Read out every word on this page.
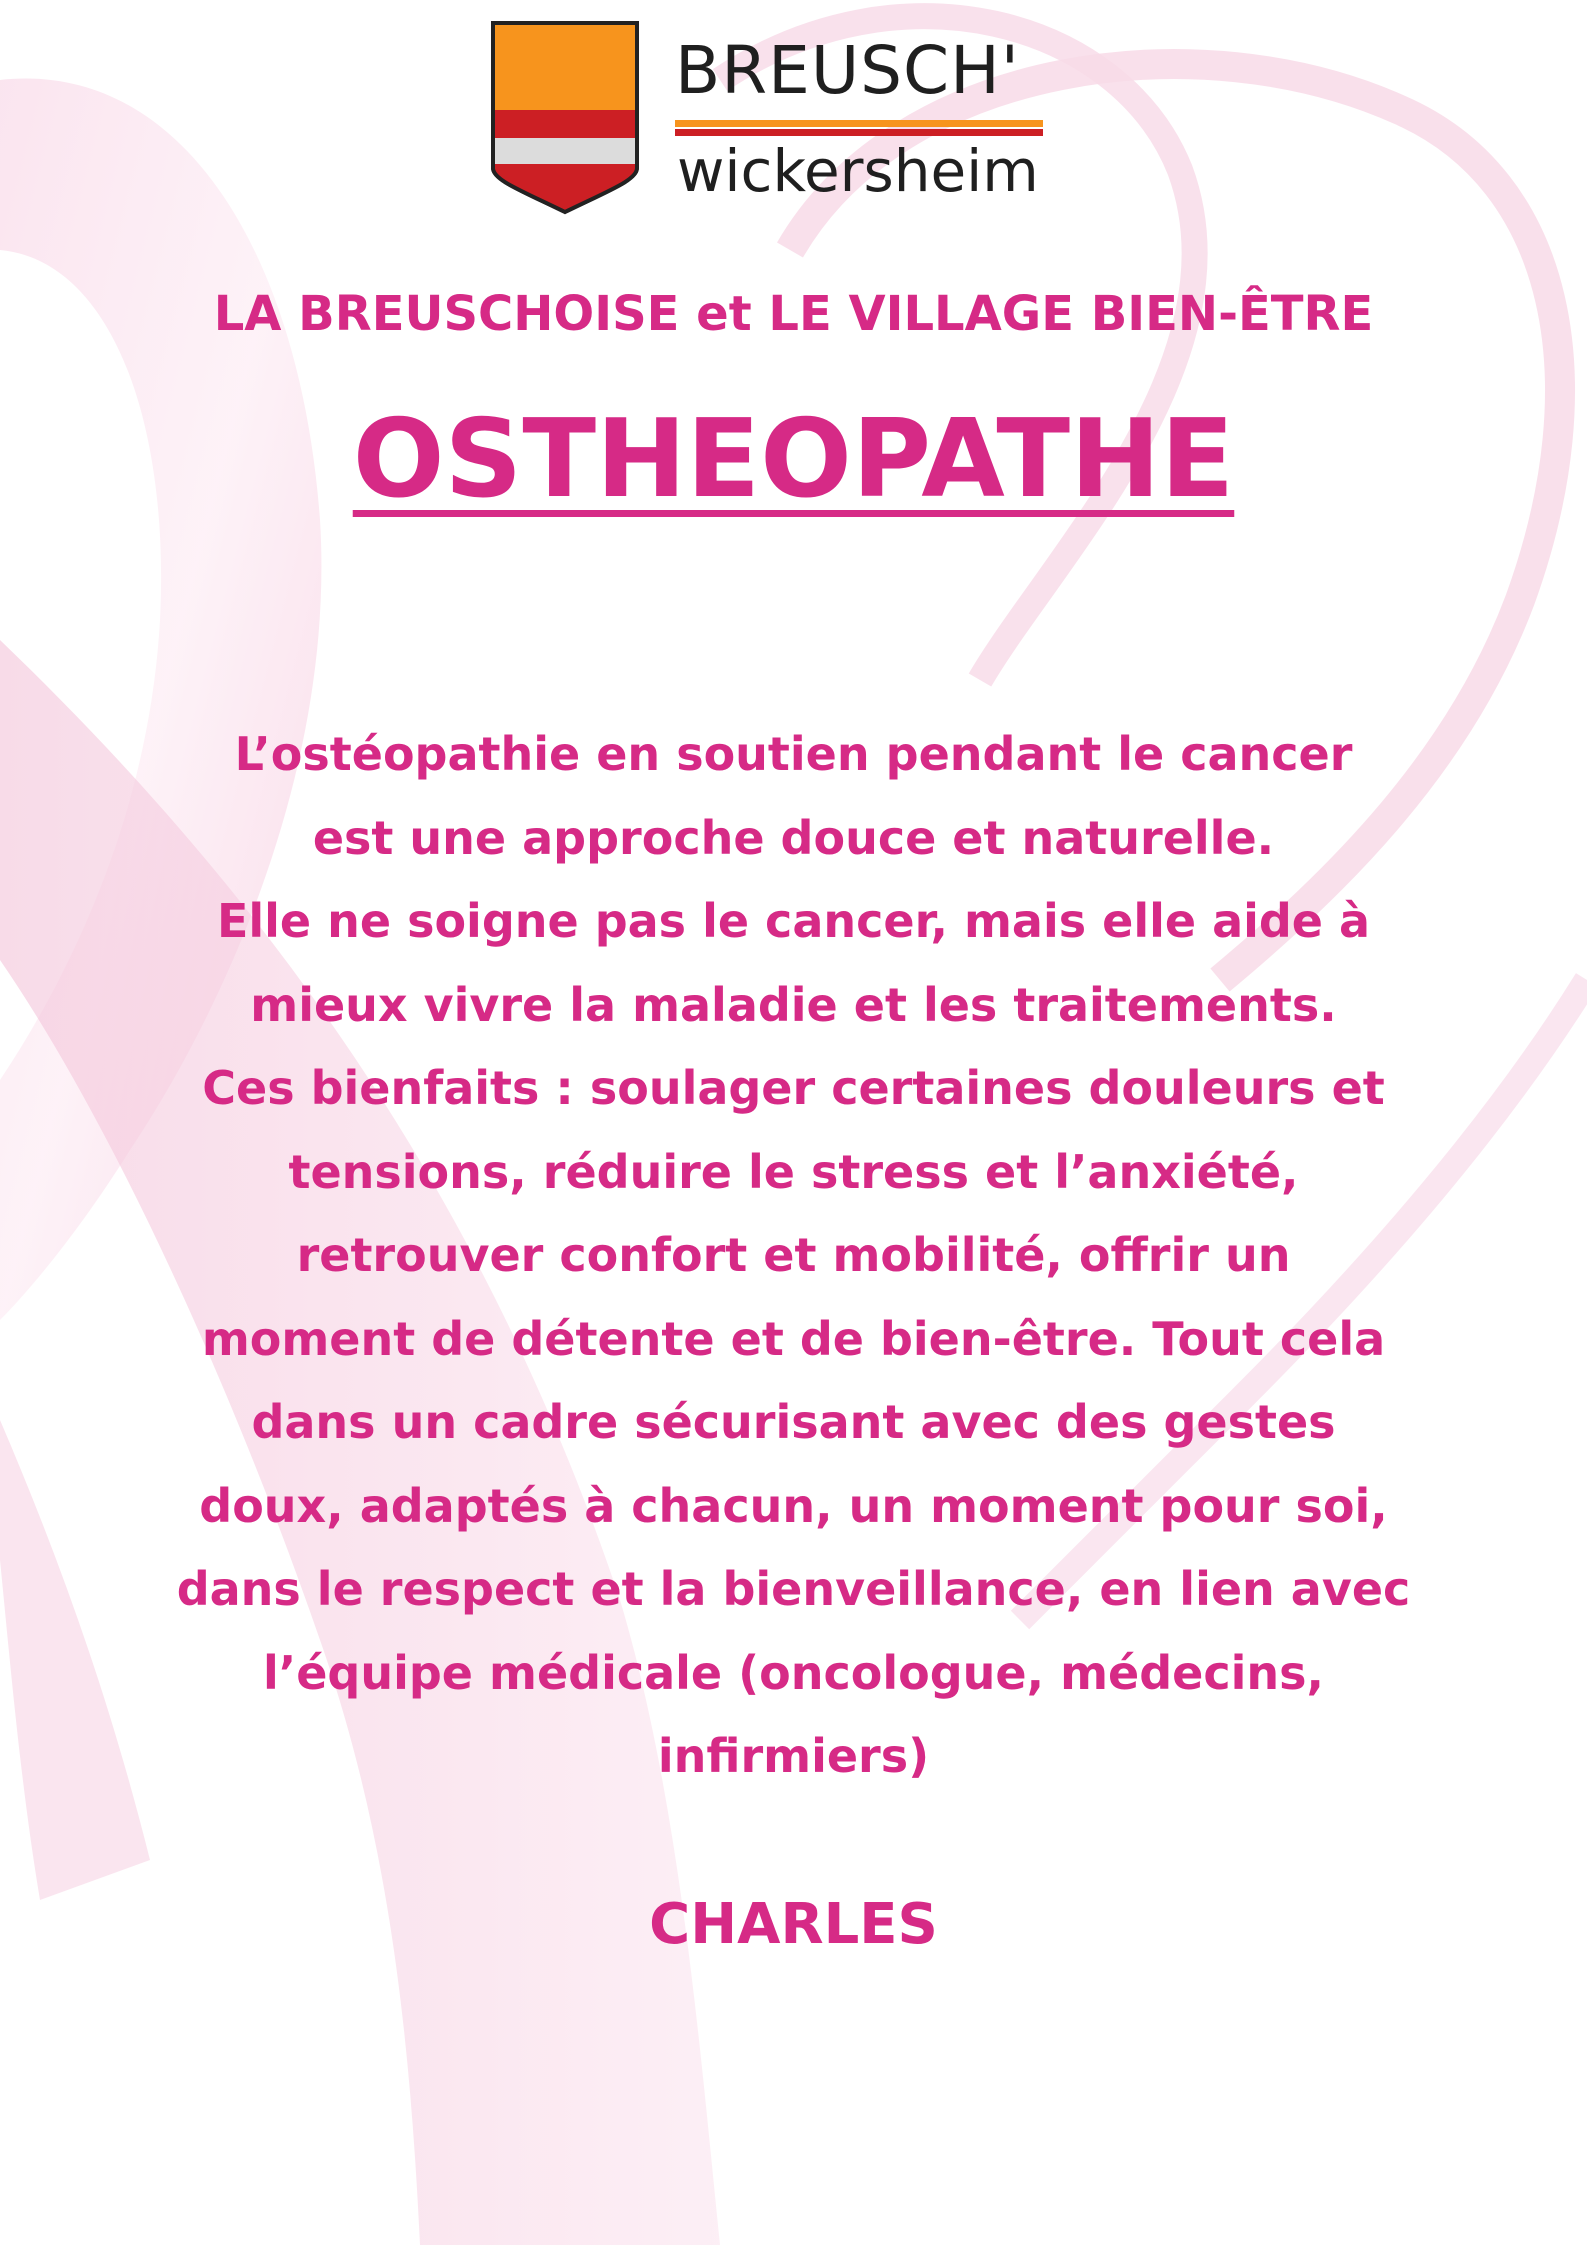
BREUSCH'
wickersheim
LA BREUSCHOISE et LE VILLAGE BIEN-ÊTRE
OSTHEOPATHE
L’ostéopathie en soutien pendant le cancer
est une approche douce et naturelle.
Elle ne soigne pas le cancer, mais elle aide à
mieux vivre la maladie et les traitements.
Ces bienfaits : soulager certaines douleurs et
tensions, réduire le stress et l’anxiété,
retrouver confort et mobilité, offrir un
moment de détente et de bien-être. Tout cela
dans un cadre sécurisant avec des gestes
doux, adaptés à chacun, un moment pour soi,
dans le respect et la bienveillance, en lien avec
l’équipe médicale (oncologue, médecins,
infirmiers)
CHARLES
